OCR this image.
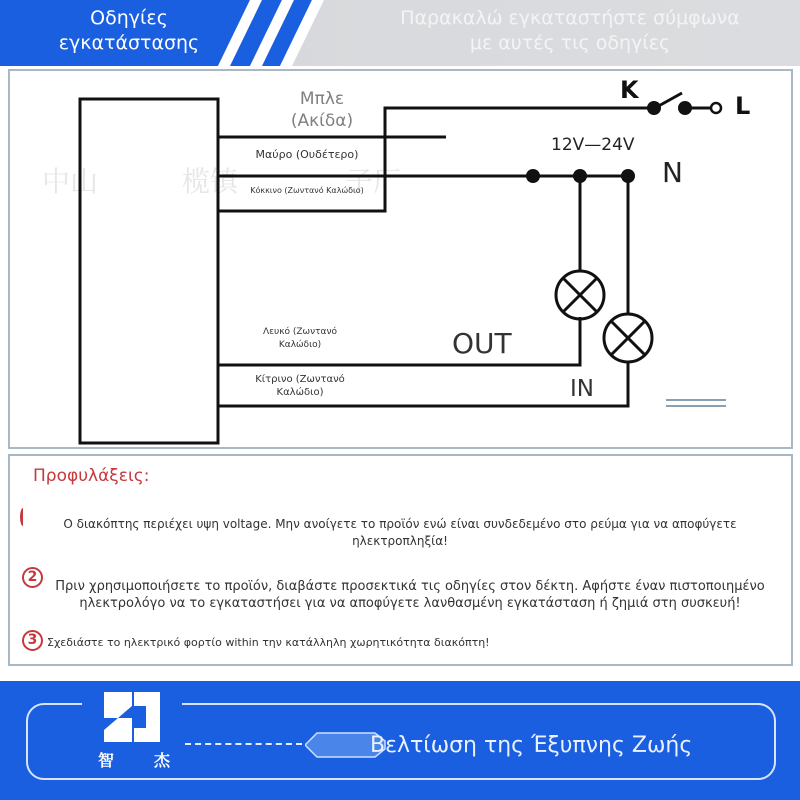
Οδηγίες
εγκατάστασης
Παρακαλώ εγκαταστήστε σύμφωνα
με αυτές τις οδηγίες
中山	榄镇	子厂
Μπλε
(Ακίδα)
Μαύρο (Ουδέτερο)
Κόκκινο (Ζωντανό Καλώδιο)
Λευκό (Ζωντανό
Καλώδιο)
Κίτρινο (Ζωντανό
Καλώδιο)
K
L
N
12V—24V
OUT
IN
Προφυλάξεις:
Ο διακόπτης περιέχει υψη voltage. Μην ανοίγετε το προϊόν ενώ είναι συνδεδεμένο στο ρεύμα για να αποφύγετε
ηλεκτροπληξία!
2
Πριν χρησιμοποιήσετε το προϊόν, διαβάστε προσεκτικά τις οδηγίες στον δέκτη. Αφήστε έναν πιστοποιημένο
ηλεκτρολόγο να το εγκαταστήσει για να αποφύγετε λανθασμένη εγκατάσταση ή ζημιά στη συσκευή!
3 Σχεδιάστε το ηλεκτρικό φορτίο within την κατάλληλη χωρητικότητα διακόπτη!
智 杰
Βελτίωση της Έξυπνης Ζωής
